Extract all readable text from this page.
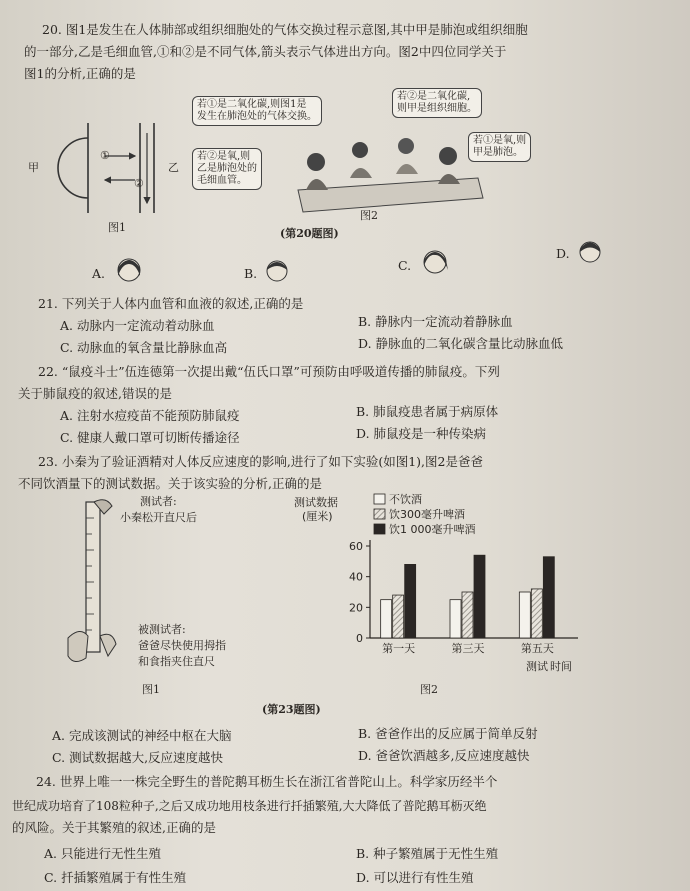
20. 图1是发生在人体肺部或组织细胞处的气体交换过程示意图,其中甲是肺泡或组织细胞
的一部分,乙是毛细血管,①和②是不同气体,箭头表示气体进出方向。图2中四位同学关于
图1的分析,正确的是
甲
①
②
乙
图1
若①是二氧化碳,则图1是
发生在肺泡处的气体交换。
若②是二氧化碳,
则甲是组织细胞。
若②是氧,则
乙是肺泡处的
毛细血管。
若①是氧,则
甲是肺泡。
图2
(第20题图)
A.	B.
C.
D.
21. 下列关于人体内血管和血液的叙述,正确的是
A. 动脉内一定流动着动脉血	B. 静脉内一定流动着静脉血
C. 动脉血的氧含量比静脉血高	D. 静脉血的二氧化碳含量比动脉血低
22. “鼠疫斗士”伍连德第一次提出戴“伍氏口罩”可预防由呼吸道传播的肺鼠疫。下列
关于肺鼠疫的叙述,错误的是
A. 注射水痘疫苗不能预防肺鼠疫	B. 肺鼠疫患者属于病原体
C. 健康人戴口罩可切断传播途径	D. 肺鼠疫是一种传染病
23. 小秦为了验证酒精对人体反应速度的影响,进行了如下实验(如图1),图2是爸爸
不同饮酒量下的测试数据。关于该实验的分析,正确的是
测试者:
小秦松开直尺后
被测试者:
爸爸尽快使用拇指
和食指夹住直尺
图1
测试数据
(厘米)
不饮酒
饮300毫升啤酒
饮1 000毫升啤酒
0
20
40
60
第一天	第三天	第五天
测试 时间
图2
(第23题图)
A. 完成该测试的神经中枢在大脑	B. 爸爸作出的反应属于简单反射
C. 测试数据越大,反应速度越快	D. 爸爸饮酒越多,反应速度越快
24. 世界上唯一一株完全野生的普陀鹅耳枥生长在浙江省普陀山上。科学家历经半个
世纪成功培育了108粒种子,之后又成功地用枝条进行扦插繁殖,大大降低了普陀鹅耳枥灭绝
的风险。关于其繁殖的叙述,正确的是
A. 只能进行无性生殖	B. 种子繁殖属于无性生殖
C. 扦插繁殖属于有性生殖	D. 可以进行有性生殖
